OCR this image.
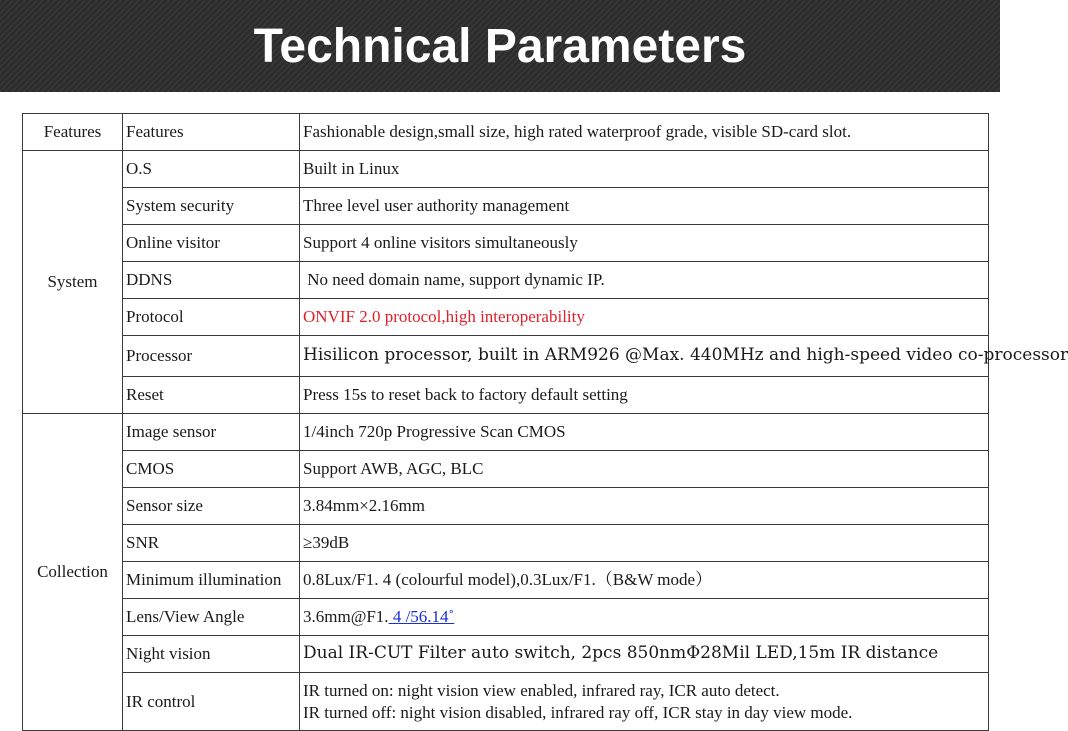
Technical Parameters
Features	Features	Fashionable design,small size, high rated waterproof grade, visible SD-card slot.
System	O.S	Built in Linux
	System security	Three level user authority management
	Online visitor	Support 4 online visitors simultaneously
	DDNS	No need domain name, support dynamic IP.
	Protocol	ONVIF 2.0 protocol,high interoperability
	Processor	Hisilicon processor, built in ARM926 @Max. 440MHz and high-speed video co-processor
	Reset	Press 15s to reset back to factory default setting
Collection	Image sensor	1/4inch 720p Progressive Scan CMOS
	CMOS	Support AWB, AGC, BLC
	Sensor size	3.84mm×2.16mm
	SNR	≥39dB
	Minimum illumination	0.8Lux/F1. 4 (colourful model),0.3Lux/F1.（B&W mode）
	Lens/View Angle	3.6mm@F1. 4 /56.14˚
	Night vision	Dual IR-CUT Filter auto switch, 2pcs 850nmΦ28Mil LED,15m IR distance
	IR control	IR turned on: night vision view enabled, infrared ray, ICR auto detect.
IR turned off: night vision disabled, infrared ray off, ICR stay in day view mode.
